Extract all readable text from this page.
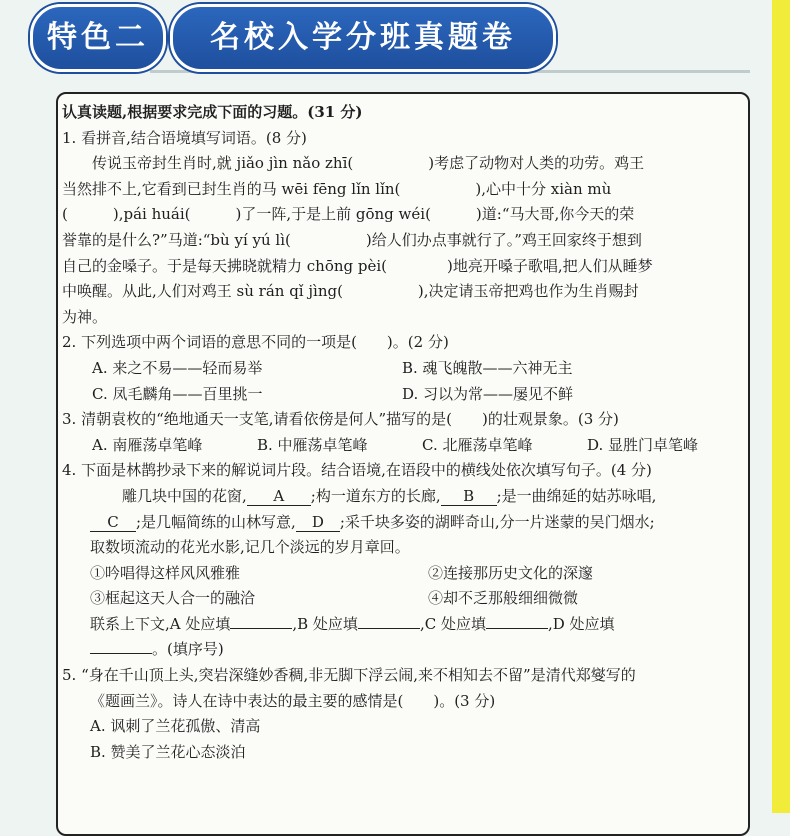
特色二	名校入学分班真题卷
认真读题,根据要求完成下面的习题。(31 分)
1. 看拼音,结合语境填写词语。(8 分)
传说玉帝封生肖时,就 jiǎo jìn nǎo zhī(　　　　　)考虑了动物对人类的功劳。鸡王
当然排不上,它看到已封生肖的马 wēi fēng lǐn lǐn(　　　　　),心中十分 xiàn mù
(　　　),pái huái(　　　)了一阵,于是上前 gōng wéi(　　　)道:“马大哥,你今天的荣
誉靠的是什么?”马道:“bù yí yú lì(　　　　　)给人们办点事就行了。”鸡王回家终于想到
自己的金嗓子。于是每天拂晓就精力 chōng pèi(　　　　)地亮开嗓子歌唱,把人们从睡梦
中唤醒。从此,人们对鸡王 sù rán qǐ jìng(　　　　　),决定请玉帝把鸡也作为生肖赐封
为神。
2. 下列选项中两个词语的意思不同的一项是(　　)。(2 分)
A. 来之不易——轻而易举	B. 魂飞魄散——六神无主
C. 凤毛麟角——百里挑一	D. 习以为常——屡见不鲜
3. 清朝袁枚的“绝地通天一支笔,请看依傍是何人”描写的是(　　)的壮观景象。(3 分)
A. 南雁荡卓笔峰	B. 中雁荡卓笔峰	C. 北雁荡卓笔峰	D. 显胜门卓笔峰
4. 下面是林鹊抄录下来的解说词片段。结合语境,在语段中的横线处依次填写句子。(4 分)
雕几块中国的花窗, A ;构一道东方的长廊, B ;是一曲绵延的姑苏咏唱,
C ;是几幅简练的山林写意, D ;采千块多姿的湖畔奇山,分一片迷蒙的吴门烟水;
取数顷流动的花光水影,记几个淡远的岁月章回。
①吟唱得这样风风雅雅	②连接那历史文化的深邃
③框起这天人合一的融洽	④却不乏那般细细微微
联系上下文,A 处应填	,B 处应填	,C 处应填	,D 处应填
。(填序号)
5. “身在千山顶上头,突岩深缝妙香稠,非无脚下浮云闹,来不相知去不留”是清代郑燮写的
《题画兰》。诗人在诗中表达的最主要的感情是(　　)。(3 分)
A. 讽刺了兰花孤傲、清高
B. 赞美了兰花心态淡泊
